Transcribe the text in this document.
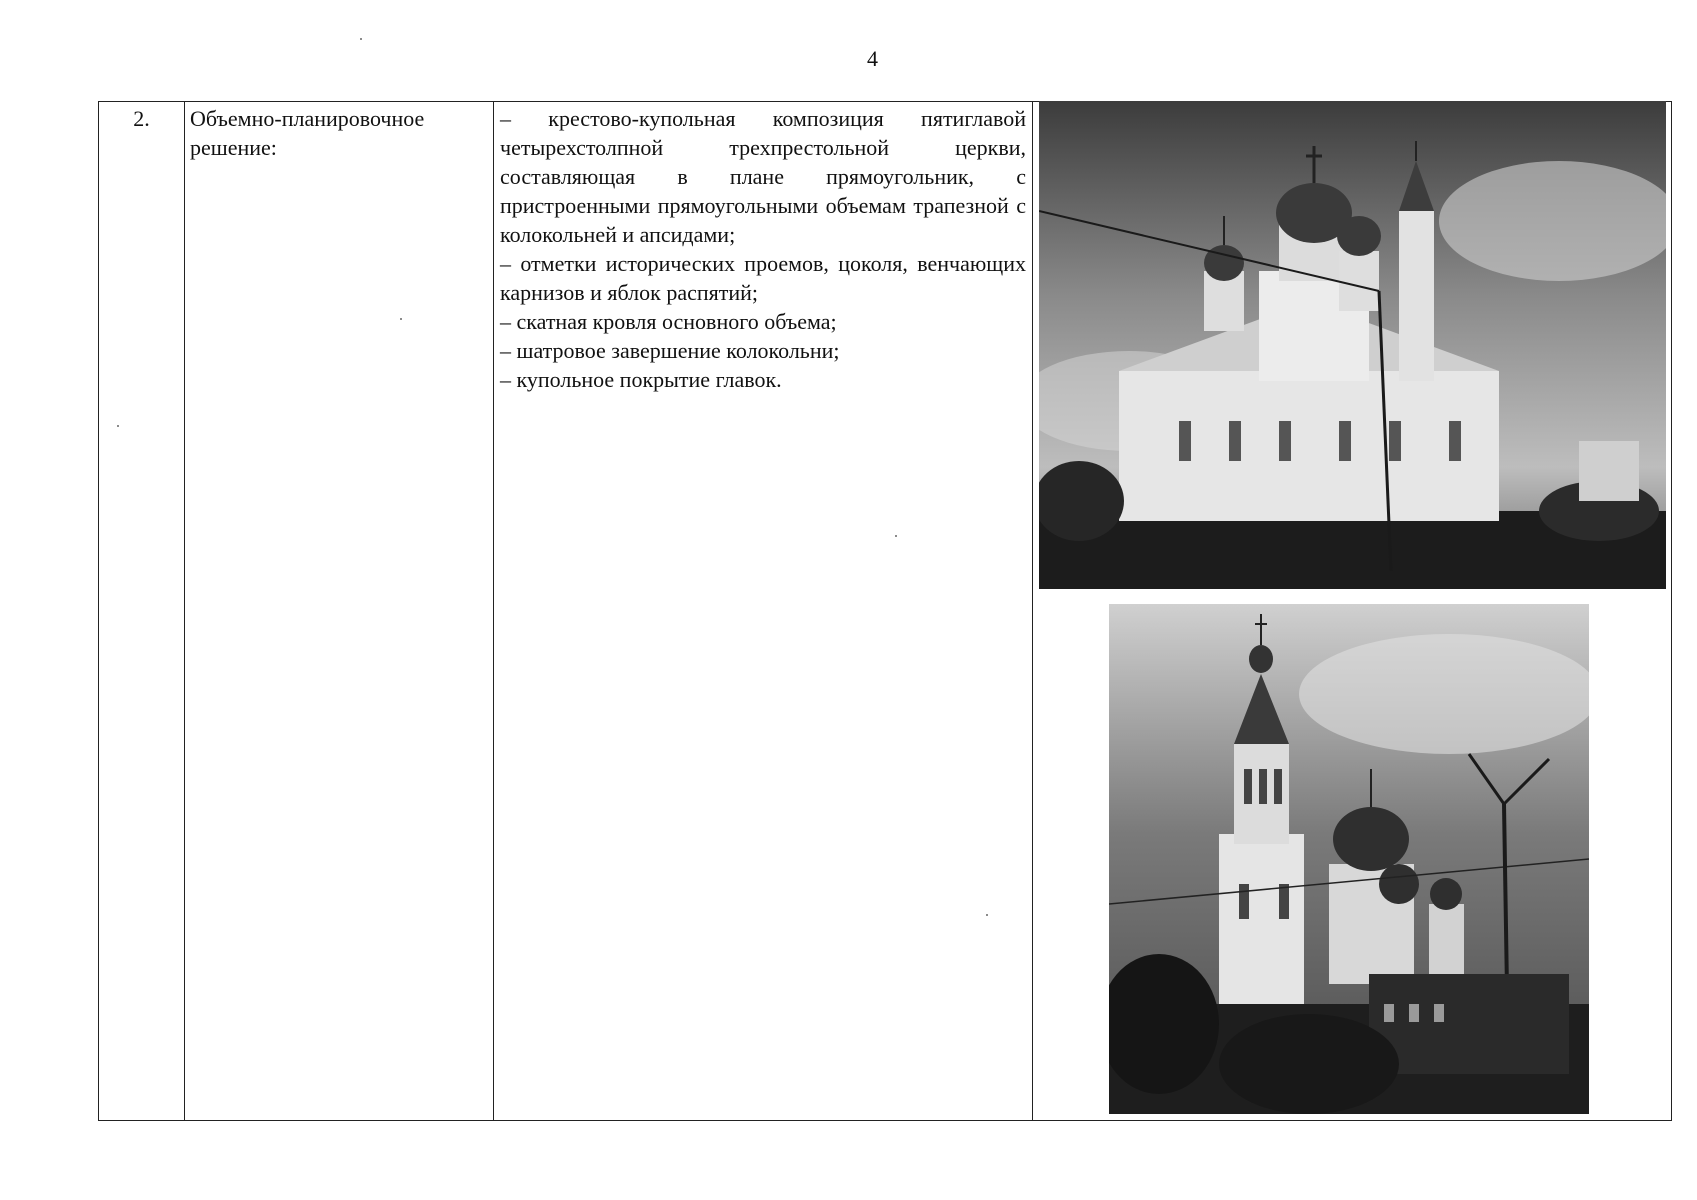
4
2.	Объемно-планировочное решение:

– крестово-купольная композиция пятиглавой четырехстолпной трехпрестольной церкви, составляющая в плане прямоугольник, с пристроенными прямоугольными объемам трапезной с колокольней и апсидами;

– отметки исторических проемов, цоколя, венчающих карнизов и яблок распятий;

– скатная кровля основного объема;

– шатровое завершение колокольни;

– купольное покрытие главок.
